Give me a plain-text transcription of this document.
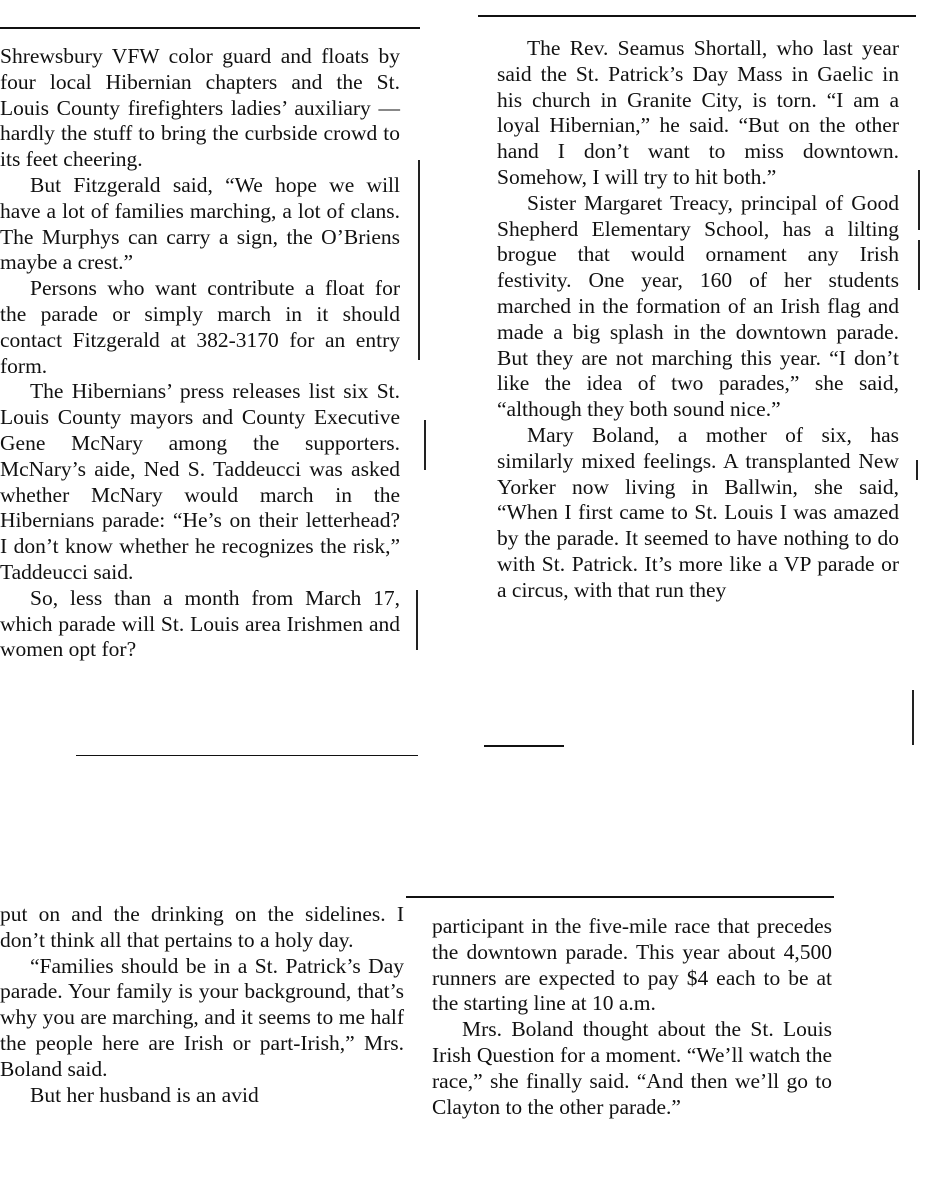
Shrewsbury VFW color guard and floats by four local Hibernian chapters and the St. Louis County firefighters ladies’ auxiliary — hardly the stuff to bring the curbside crowd to its feet cheering.

But Fitzgerald said, “We hope we will have a lot of families marching, a lot of clans. The Murphys can carry a sign, the O’Briens maybe a crest.”

Persons who want contribute a float for the parade or simply march in it should contact Fitzgerald at 382-3170 for an entry form.

The Hibernians’ press releases list six St. Louis County mayors and County Executive Gene McNary among the supporters. McNary’s aide, Ned S. Taddeucci was asked whether McNary would march in the Hibernians parade: “He’s on their letterhead? I don’t know whether he recognizes the risk,” Taddeucci said.

So, less than a month from March 17, which parade will St. Louis area Irishmen and women opt for?

The Rev. Seamus Shortall, who last year said the St. Patrick’s Day Mass in Gaelic in his church in Granite City, is torn. “I am a loyal Hibernian,” he said. “But on the other hand I don’t want to miss downtown. Somehow, I will try to hit both.”

Sister Margaret Treacy, principal of Good Shepherd Elementary School, has a lilting brogue that would ornament any Irish festivity. One year, 160 of her students marched in the formation of an Irish flag and made a big splash in the downtown parade. But they are not marching this year. “I don’t like the idea of two parades,” she said, “although they both sound nice.”

Mary Boland, a mother of six, has similarly mixed feelings. A transplanted New Yorker now living in Ballwin, she said, “When I first came to St. Louis I was amazed by the parade. It seemed to have nothing to do with St. Patrick. It’s more like a VP parade or a circus, with that run they

put on and the drinking on the sidelines. I don’t think all that pertains to a holy day.

“Families should be in a St. Patrick’s Day parade. Your family is your background, that’s why you are marching, and it seems to me half the people here are Irish or part-Irish,” Mrs. Boland said.

But her husband is an avid

participant in the five-mile race that precedes the downtown parade. This year about 4,500 runners are expected to pay $4 each to be at the starting line at 10 a.m.

Mrs. Boland thought about the St. Louis Irish Question for a moment. “We’ll watch the race,” she finally said. “And then we’ll go to Clayton to the other parade.”
